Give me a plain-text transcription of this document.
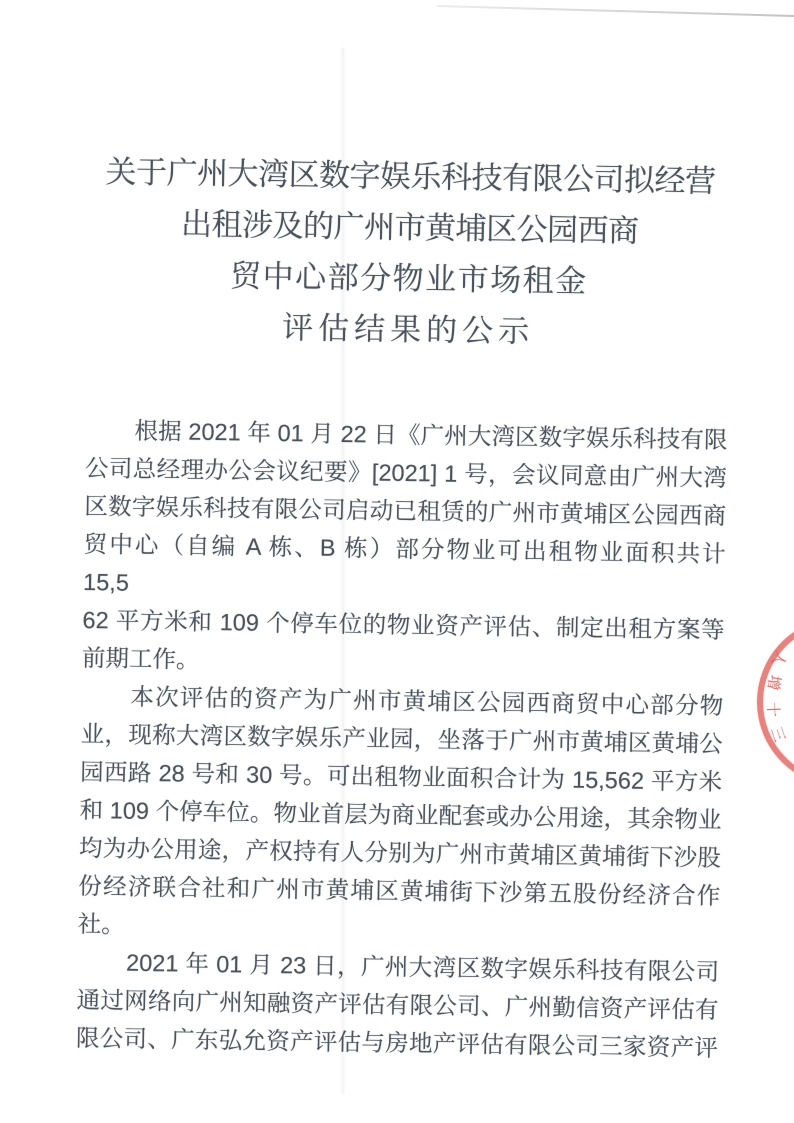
关于广州大湾区数字娱乐科技有限公司拟经营
出租涉及的广州市黄埔区公园西商
贸中心部分物业市场租金
评估结果的公示
根据 2021 年 01 月 22 日《广州大湾区数字娱乐科技有限
公司总经理办公会议纪要》[2021] 1 号，会议同意由广州大湾
区数字娱乐科技有限公司启动已租赁的广州市黄埔区公园西商
贸中心（自编 A 栋、B 栋）部分物业可出租物业面积共计 15,5
62 平方米和 109 个停车位的物业资产评估、制定出租方案等
前期工作。
本次评估的资产为广州市黄埔区公园西商贸中心部分物
业，现称大湾区数字娱乐产业园，坐落于广州市黄埔区黄埔公
园西路 28 号和 30 号。可出租物业面积合计为 15,562 平方米
和 109 个停车位。物业首层为商业配套或办公用途，其余物业
均为办公用途，产权持有人分别为广州市黄埔区黄埔街下沙股
份经济联合社和广州市黄埔区黄埔街下沙第五股份经济合作
社。
2021 年 01 月 23 日，广州大湾区数字娱乐科技有限公司
通过网络向广州知融资产评估有限公司、广州勤信资产评估有
限公司、广东弘允资产评估与房地产评估有限公司三家资产评
人
增
十
三
